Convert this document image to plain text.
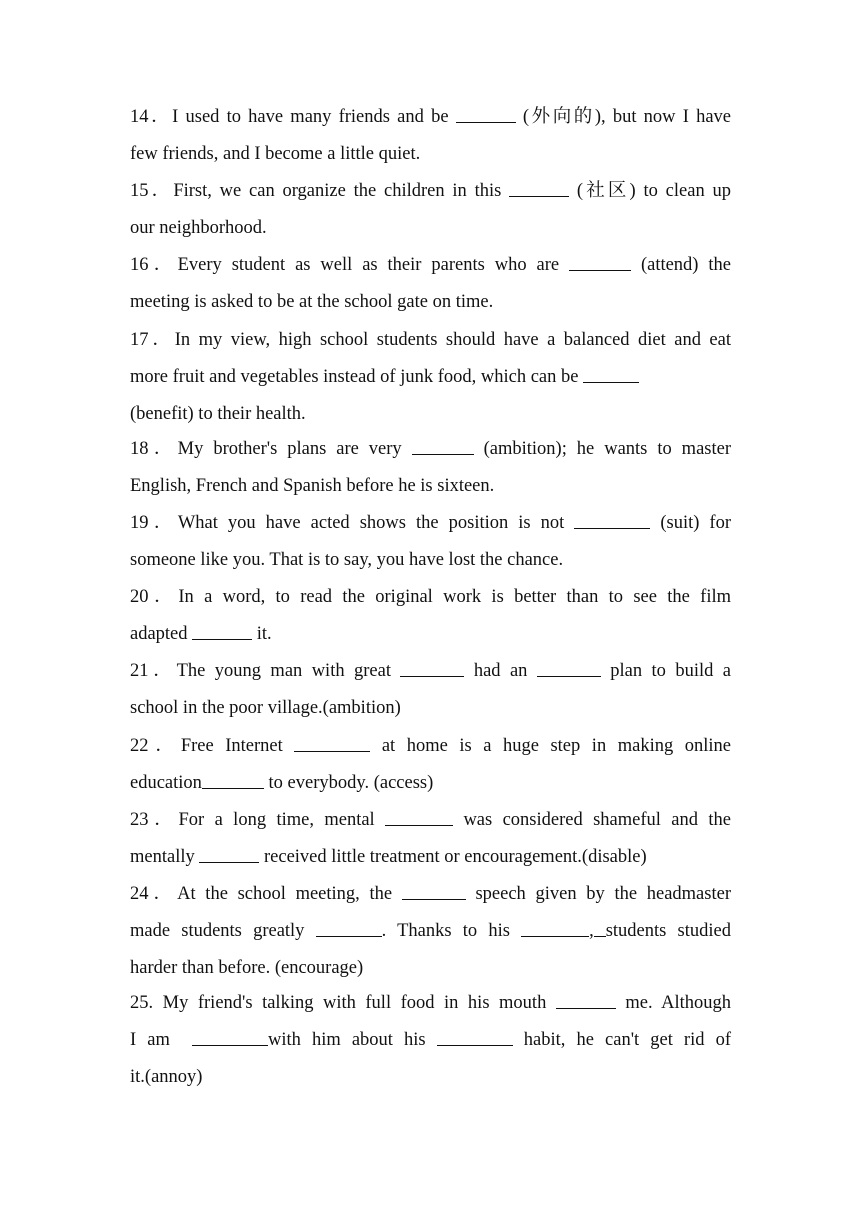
14．I used to have many friends and be	(外向的), but now I have
few friends, and I become a little quiet.
15．First, we can organize the children in this	(社区) to clean up
our neighborhood.
16．Every student as well as their parents who are	(attend) the
meeting is asked to be at the school gate on time.
17．In my view, high school students should have a balanced diet and eat
more fruit and vegetables instead of junk food, which can be
(benefit) to their health.
18．My brother's plans are very	(ambition); he wants to master
English, French and Spanish before he is sixteen.
19．What you have acted shows the position is not	(suit) for
someone like you. That is to say, you have lost the chance.
20．In a word, to read the original work is better than to see the film
adapted	it.
21．The young man with great	had an	plan to build a
school in the poor village.(ambition)
22．Free Internet	at home is a huge step in making online
education	to everybody. (access)
23．For a long time, mental	was considered shameful and the
mentally	received little treatment or encouragement.(disable)
24．At the school meeting, the	speech given by the headmaster
made students greatly	. Thanks to his	, students studied
harder than before. (encourage)
25. My friend's talking with full food in his mouth	me. Although
I am	with him about his	habit, he can't get rid of
it.(annoy)
